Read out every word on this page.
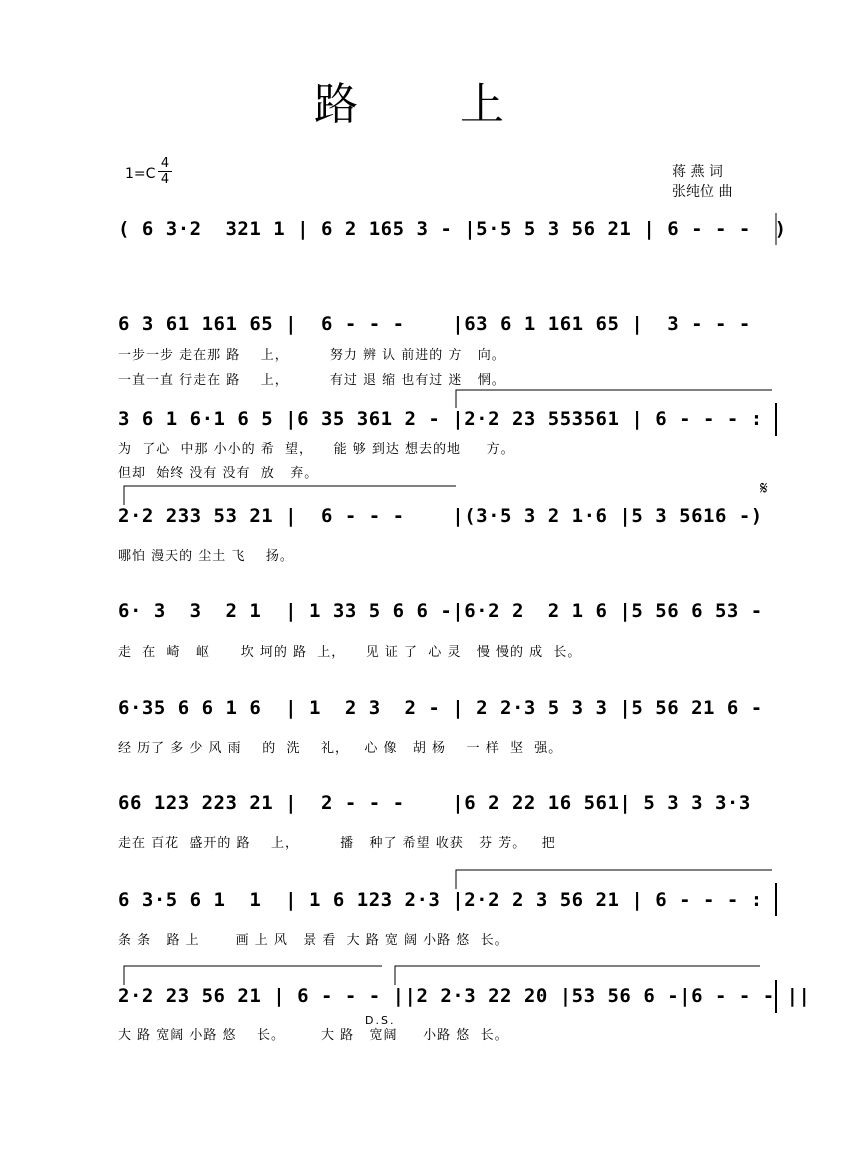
路 上
$1=C \frac{4}{4}$	蒋 燕 词
张纯位 曲
( 6 3·2  321 1 | 6 2 165 3 - |5·5 5 3 56 21 | 6 - - -  )
6 3 61 161 65 |  6 - - -    |63 6 1 161 65 |  3 - - -
一步一步 走在那 路    上，        努力 辨 认 前进的 方   向。
一直一直 行走在 路    上，        有过 退 缩 也有过 迷   惘。
3 6 1 6·1 6 5 |6 35 361 2 - |2·2 23 553561 | 6 - - - :
为  了心  中那 小小的 希  望，    能 够 到达 想去的地     方。
但却  始终 没有 没有  放   弃。
2·2 233 53 21 |  6 - - -    |(3·5 3 2 1·6 |5 3 5616 -)
哪怕 漫天的 尘土 飞    扬。
6· 3  3  2 1  | 1 33 5 6 6 -|6·2 2  2 1 6 |5 56 6 53 -
走  在  崎   岖      坎 坷的 路  上，    见 证 了  心 灵   慢 慢的 成  长。
6·35 6 6 1 6  | 1  2 3  2 - | 2 2·3 5 3 3 |5 56 21 6 -
经 历了 多 少 风 雨    的  洗    礼，   心 像   胡 杨    一 样  坚  强。
66 123 223 21 |  2 - - -    |6 2 22 16 561| 5 3 3 3·3
走在 百花  盛开的 路    上，        播   种了 希望 收获   芬 芳。   把
6 3·5 6 1  1  | 1 6 123 2·3 |2·2 2 3 56 21 | 6 - - - :
条 条   路 上       画 上 风   景 看  大 路 宽 阔 小路 悠  长。
2·2 23 56 21 | 6 - - - ||2 2·3 22 20 |53 56 6 -|6 - - - ||
大 路 宽阔 小路 悠    长。       大 路   宽阔     小路 悠  长。
D.S.
𝄋
